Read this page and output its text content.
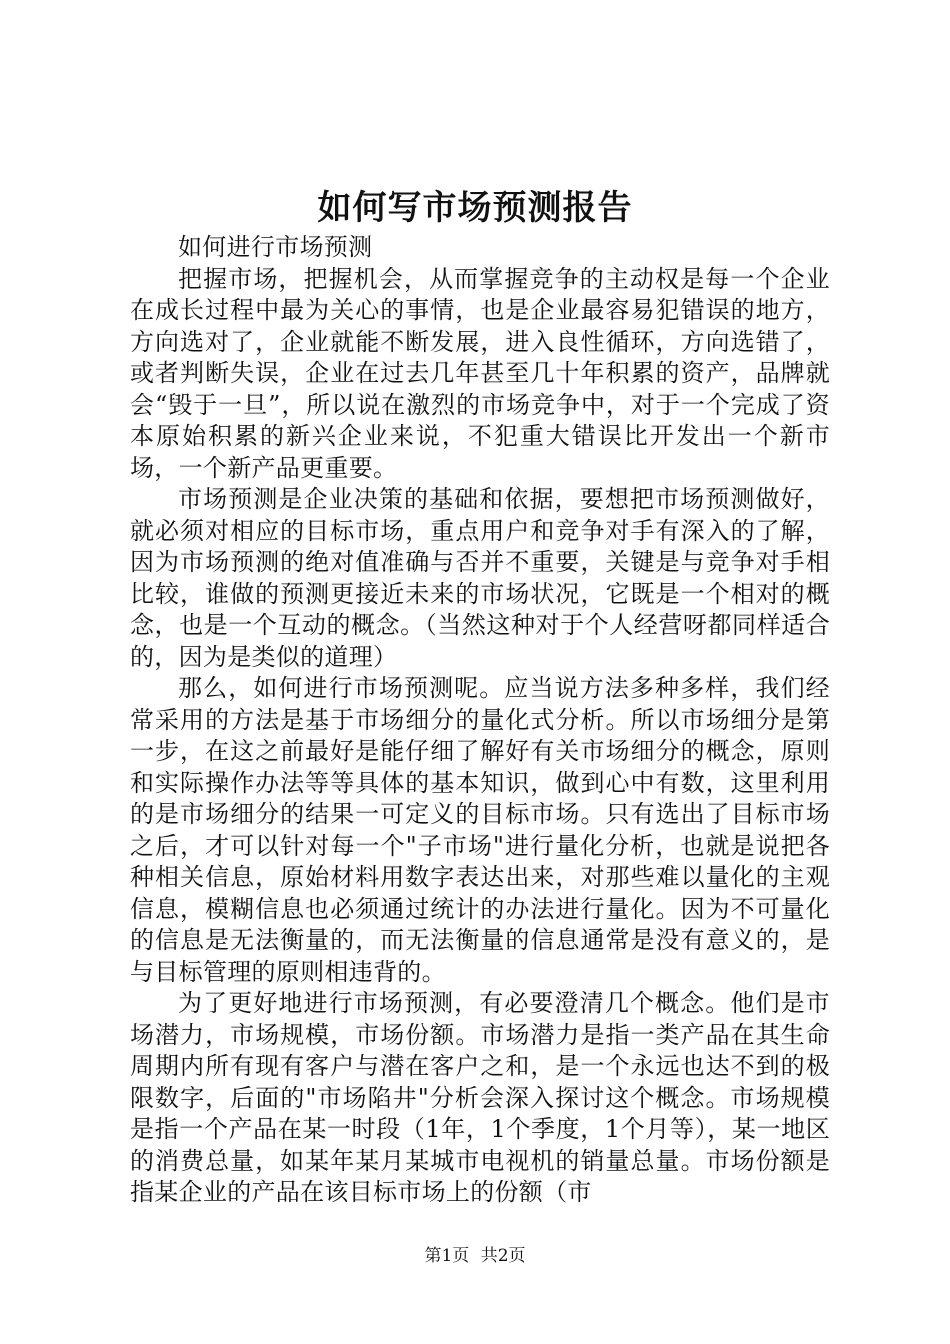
如何写市场预测报告

如何进行市场预测

把握市场，把握机会，从而掌握竞争的主动权是每一个企业在成长过程中最为关心的事情，也是企业最容易犯错误的地方，方向选对了，企业就能不断发展，进入良性循环，方向选错了，或者判断失误，企业在过去几年甚至几十年积累的资产，品牌就会“毁于一旦”，所以说在激烈的市场竞争中，对于一个完成了资本原始积累的新兴企业来说，不犯重大错误比开发出一个新市场，一个新产品更重要。

市场预测是企业决策的基础和依据，要想把市场预测做好，就必须对相应的目标市场，重点用户和竞争对手有深入的了解，因为市场预测的绝对值准确与否并不重要，关键是与竞争对手相比较，谁做的预测更接近未来的市场状况，它既是一个相对的概念，也是一个互动的概念。（当然这种对于个人经营呀都同样适合的，因为是类似的道理）

那么，如何进行市场预测呢。应当说方法多种多样，我们经常采用的方法是基于市场细分的量化式分析。所以市场细分是第一步，在这之前最好是能仔细了解好有关市场细分的概念，原则和实际操作办法等等具体的基本知识，做到心中有数，这里利用的是市场细分的结果一可定义的目标市场。只有选出了目标市场之后，才可以针对每一个"子市场"进行量化分析，也就是说把各种相关信息，原始材料用数字表达出来，对那些难以量化的主观信息，模糊信息也必须通过统计的办法进行量化。因为不可量化的信息是无法衡量的，而无法衡量的信息通常是没有意义的，是与目标管理的原则相违背的。

为了更好地进行市场预测，有必要澄清几个概念。他们是市场潜力，市场规模，市场份额。市场潜力是指一类产品在其生命周期内所有现有客户与潜在客户之和，是一个永远也达不到的极限数字，后面的"市场陷井"分析会深入探讨这个概念。市场规模是指一个产品在某一时段（1年，1个季度，1个月等），某一地区的消费总量，如某年某月某城市电视机的销量总量。市场份额是指某企业的产品在该目标市场上的份额（市

第1页 共2页
